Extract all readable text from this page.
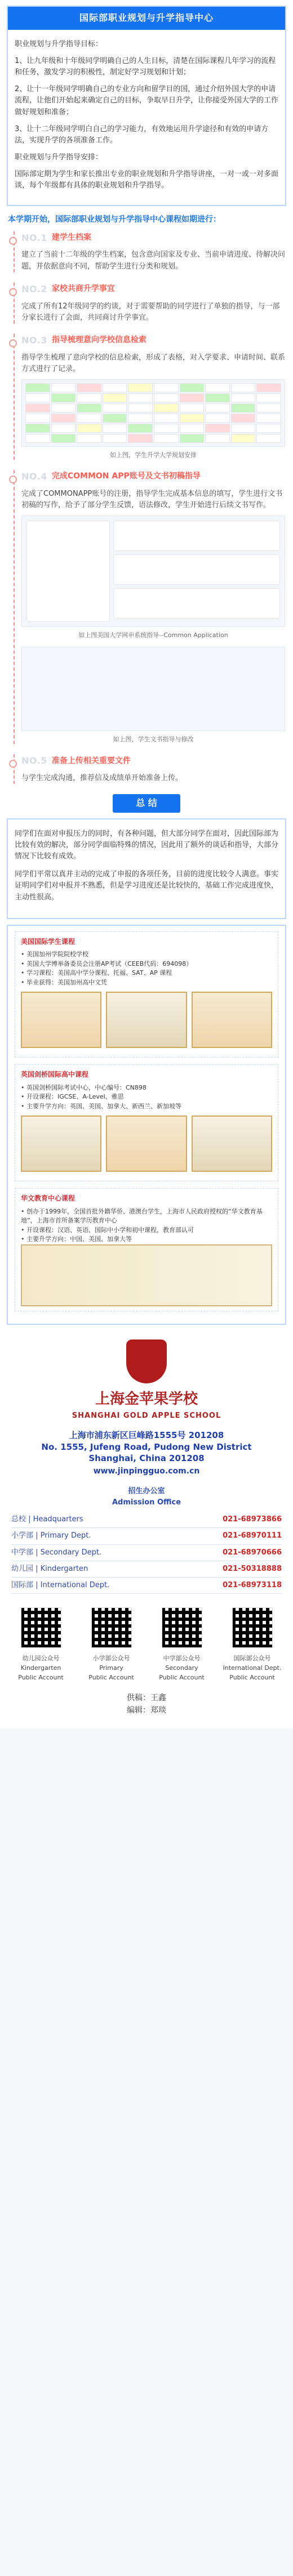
国际部职业规划与升学指导中心

职业规划与升学指导目标：

1、让九年级和十年级同学明确自己的人生目标，清楚在国际课程几年学习的流程和任务，激发学习的积极性，制定好学习规划和计划；

2、让十一年级同学明确自己的专业方向和留学目的国，通过介绍外国大学的申请流程，让他们开始起来确定自己的目标，争取早日升学，让你接受外国大学的工作做好规划和准备；

3、让十二年级同学明白自己的学习能力，有效地运用升学途径和有效的申请方法，实现升学的各项准备工作。

职业规划与升学指导安排：

国际部定期为学生和家长推出专业的职业规划和升学指导讲座，一对一或一对多面谈，每个年级都有具体的职业规划和升学指导。

本学期开始，国际部职业规划与升学指导中心课程如期进行：
NO.1 建学生档案

建立了当前十二年级的学生档案，包含意向国家及专业、当前申请进度、待解决问题，并依据意向不同，帮助学生进行分类和规划。

NO.2 家校共商升学事宜

完成了所有12年级同学的约谈，对于需要帮助的同学进行了单独的指导，与一部分家长进行了会面，共同商讨升学事宜。

NO.3 指导梳理意向学校信息检索

指导学生梳理了意向学校的信息检索，形成了表格，对入学要求、申请时间、联系方式进行了记录。

如上图，学生升学大学规划安排
NO.4 完成COMMON APP账号及文书初稿指导

完成了COMMONAPP账号的注册，指导学生完成基本信息的填写，学生进行文书初稿的写作，给予了部分学生反馈，语法修改，学生开始进行后续文书写作。

如上图美国大学网申系统指导--Common Application
如上图，学生文书指导与修改
NO.5 准备上传相关重要文件

与学生完成沟通，推荐信及成绩单开始准备上传。

总 结

同学们在面对申报压力的同时，有各种问题，但大部分同学在面对，因此国际部为比较有效的解决，部分同学面临特殊的情况，因此用了额外的谈话和指导，大部分情况下比较有成效。

同学们平常以真并主动的完成了申报的各项任务，目前的进度比较令人满意。事实证明同学们对申报并不熟悉，但是学习进度还是比较快的，基础工作完成进度快，主动性很高。

美国国际学生课程
• 美国加州学院院校学校
• 美国大学博举备委员会注册AP考试（CEEB代码：694098）
• 学习课程：美国高中学分课程、托福、SAT、AP 课程
• 毕业获得：美国加州高中文凭
英国剑桥国际高中课程
• 英国剑桥国际考试中心，中心编号：CN898
• 开设课程：IGCSE、A-Level、雅思
• 主要升学方向：英国、美国、加拿大、新西兰、新加坡等
华文教育中心课程
• 创办于1999年，全国首批外籍华侨、港澳台学生，上海市人民政府授权的“华文教育基地”，上海市首所备案学历教育中心
• 开设课程：汉语、英语、国际中小学和初中课程，教育部认可
• 主要升学方向：中国、美国、加拿大等
上海金苹果学校
SHANGHAI GOLD APPLE SCHOOL
上海市浦东新区巨峰路1555号 201208
No. 1555, Jufeng Road, Pudong New District
Shanghai, China 201208
www.jinpingguo.com.cn
招生办公室
Admission Office
总校 | Headquarters	021-68973866
小学部 | Primary Dept.	021-68970111
中学部 | Secondary Dept.	021-68970666
幼儿园 | Kindergarten	021-50318888
国际部 | International Dept.	021-68973118
幼儿园公众号
Kindergarten
Public Account
小学部公众号
Primary
Public Account
中学部公众号
Secondary
Public Account
国际部公众号
International Dept.
Public Account
供稿：王鑫
编辑：郑琰
